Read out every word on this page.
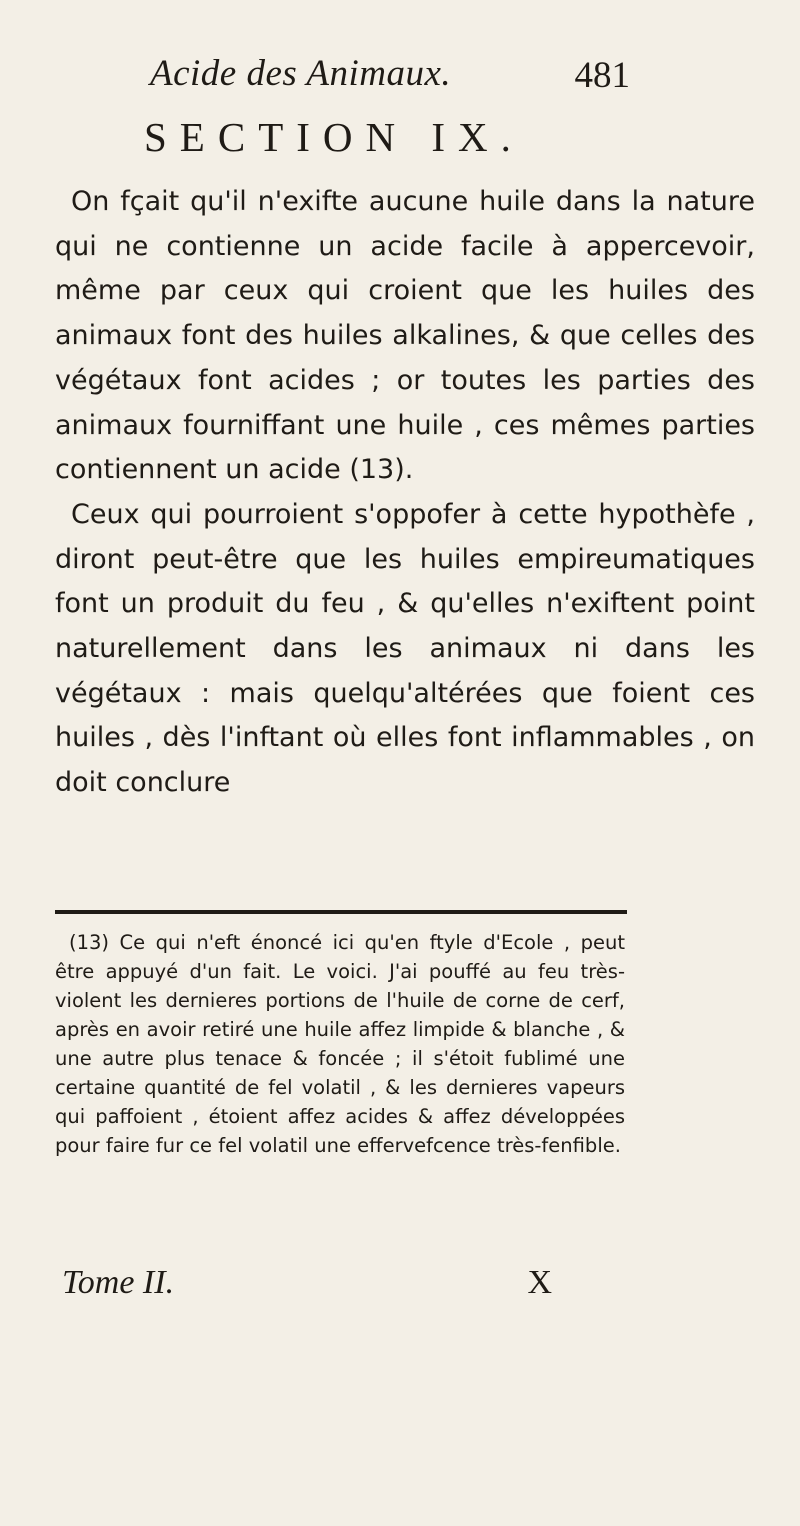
Acide des Animaux.	481
SECTION IX.

On fçait qu'il n'exifte aucune huile dans la nature qui ne contienne un acide facile à appercevoir, même par ceux qui croient que les huiles des animaux font des huiles alkalines, & que celles des végétaux font acides ; or toutes les parties des animaux fourniffant une huile , ces mêmes parties contiennent un acide (13).

Ceux qui pourroient s'oppofer à cette hypothèfe , diront peut-être que les huiles empireumatiques font un produit du feu , & qu'elles n'exiftent point naturellement dans les animaux ni dans les végétaux : mais quelqu'altérées que foient ces huiles , dès l'inftant où elles font inflammables , on doit conclure

(13) Ce qui n'eft énoncé ici qu'en ftyle d'Ecole , peut être appuyé d'un fait. Le voici. J'ai pouffé au feu très-violent les dernieres portions de l'huile de corne de cerf, après en avoir retiré une huile affez limpide & blanche , & une autre plus tenace & foncée ; il s'étoit fublimé une certaine quantité de fel volatil , & les dernieres vapeurs qui paffoient , étoient affez acides & affez développées pour faire fur ce fel volatil une effervefcence très-fenfible.
Tome II.	X
